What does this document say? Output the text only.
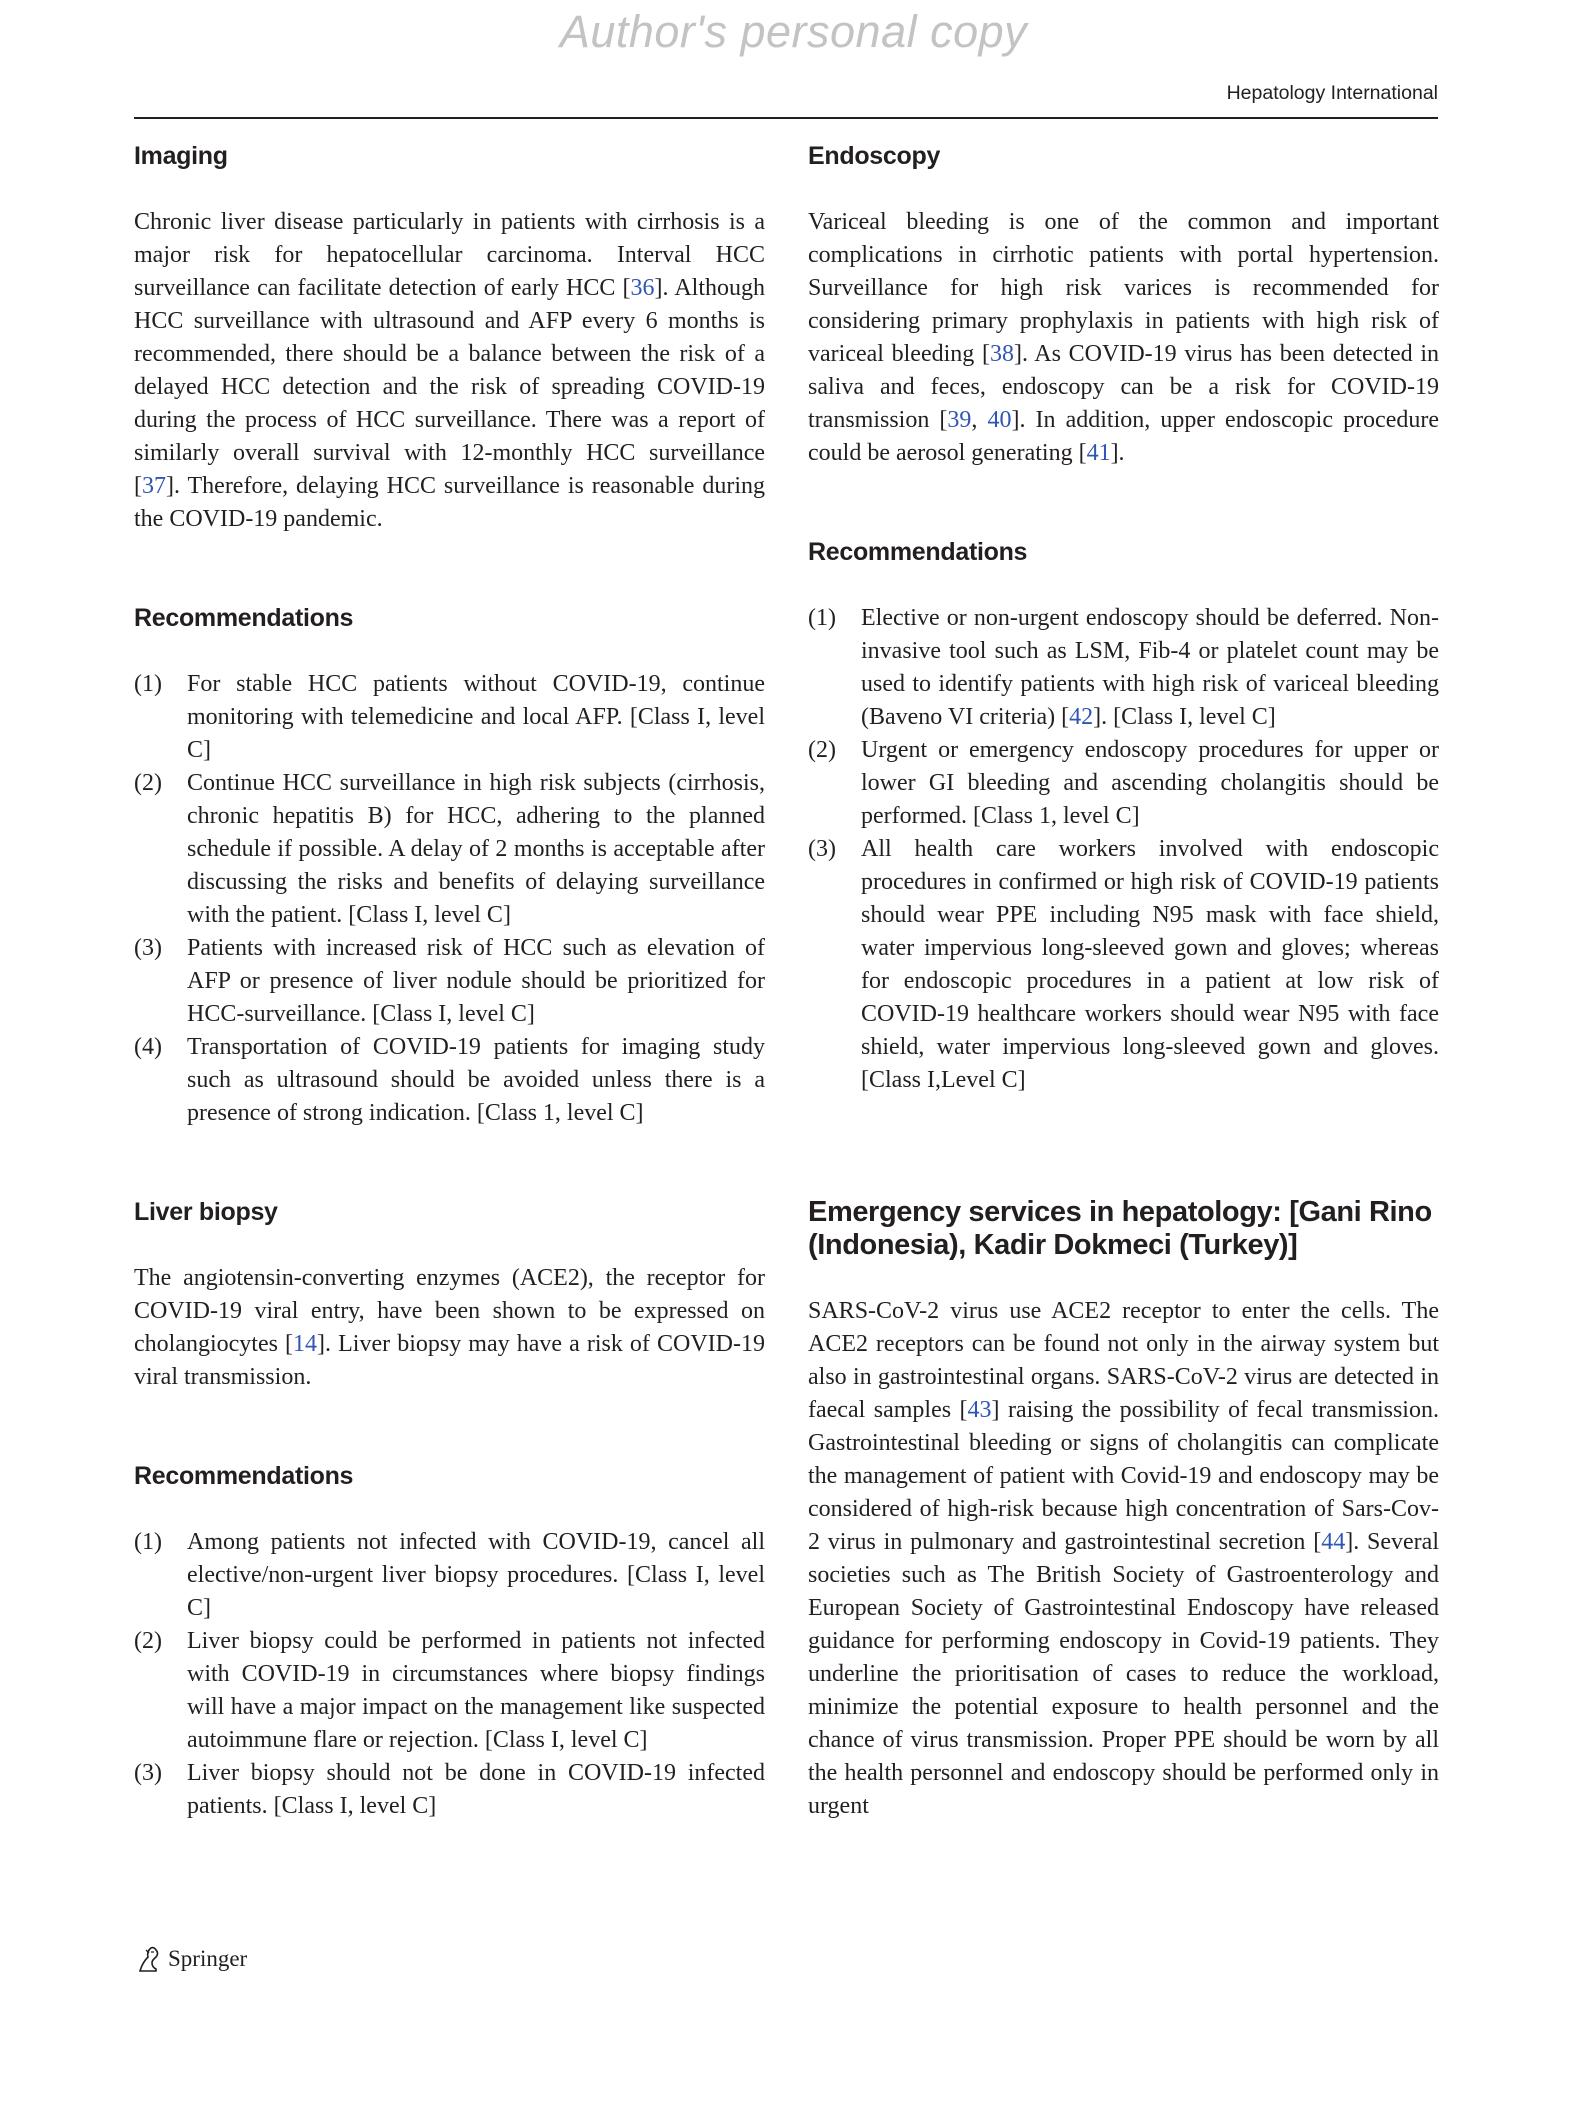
Author's personal copy
Hepatology International
Imaging

Chronic liver disease particularly in patients with cirrhosis is a major risk for hepatocellular carcinoma. Interval HCC surveillance can facilitate detection of early HCC [36]. Although HCC surveillance with ultrasound and AFP every 6 months is recommended, there should be a balance between the risk of a delayed HCC detection and the risk of spreading COVID-19 during the process of HCC surveillance. There was a report of similarly overall survival with 12-monthly HCC surveillance [37]. Therefore, delaying HCC surveillance is reasonable during the COVID-19 pandemic.

Recommendations
(1) For stable HCC patients without COVID-19, continue monitoring with telemedicine and local AFP. [Class I, level C]
(2) Continue HCC surveillance in high risk subjects (cirrhosis, chronic hepatitis B) for HCC, adhering to the planned schedule if possible. A delay of 2 months is acceptable after discussing the risks and benefits of delaying surveillance with the patient. [Class I, level C]
(3) Patients with increased risk of HCC such as elevation of AFP or presence of liver nodule should be prioritized for HCC-surveillance. [Class I, level C]
(4) Transportation of COVID-19 patients for imaging study such as ultrasound should be avoided unless there is a presence of strong indication. [Class 1, level C]
Liver biopsy

The angiotensin-converting enzymes (ACE2), the receptor for COVID-19 viral entry, have been shown to be expressed on cholangiocytes [14]. Liver biopsy may have a risk of COVID-19 viral transmission.

Recommendations
(1) Among patients not infected with COVID-19, cancel all elective/non-urgent liver biopsy procedures. [Class I, level C]
(2) Liver biopsy could be performed in patients not infected with COVID-19 in circumstances where biopsy findings will have a major impact on the management like suspected autoimmune flare or rejection. [Class I, level C]
(3) Liver biopsy should not be done in COVID-19 infected patients. [Class I, level C]
Endoscopy

Variceal bleeding is one of the common and important complications in cirrhotic patients with portal hypertension. Surveillance for high risk varices is recommended for considering primary prophylaxis in patients with high risk of variceal bleeding [38]. As COVID-19 virus has been detected in saliva and feces, endoscopy can be a risk for COVID-19 transmission [39, 40]. In addition, upper endoscopic procedure could be aerosol generating [41].

Recommendations
(1) Elective or non-urgent endoscopy should be deferred. Non-invasive tool such as LSM, Fib-4 or platelet count may be used to identify patients with high risk of variceal bleeding (Baveno VI criteria) [42]. [Class I, level C]
(2) Urgent or emergency endoscopy procedures for upper or lower GI bleeding and ascending cholangitis should be performed. [Class 1, level C]
(3) All health care workers involved with endoscopic procedures in confirmed or high risk of COVID-19 patients should wear PPE including N95 mask with face shield, water impervious long-sleeved gown and gloves; whereas for endoscopic procedures in a patient at low risk of COVID-19 healthcare workers should wear N95 with face shield, water impervious long-sleeved gown and gloves. [Class I,Level C]
Emergency services in hepatology: [Gani Rino (Indonesia), Kadir Dokmeci (Turkey)]

SARS-CoV-2 virus use ACE2 receptor to enter the cells. The ACE2 receptors can be found not only in the airway system but also in gastrointestinal organs. SARS-CoV-2 virus are detected in faecal samples [43] raising the possibility of fecal transmission. Gastrointestinal bleeding or signs of cholangitis can complicate the management of patient with Covid-19 and endoscopy may be considered of high-risk because high concentration of Sars-Cov-2 virus in pulmonary and gastrointestinal secretion [44]. Several societies such as The British Society of Gastroenterology and European Society of Gastrointestinal Endoscopy have released guidance for performing endoscopy in Covid-19 patients. They underline the prioritisation of cases to reduce the workload, minimize the potential exposure to health personnel and the chance of virus transmission. Proper PPE should be worn by all the health personnel and endoscopy should be performed only in urgent

Springer
